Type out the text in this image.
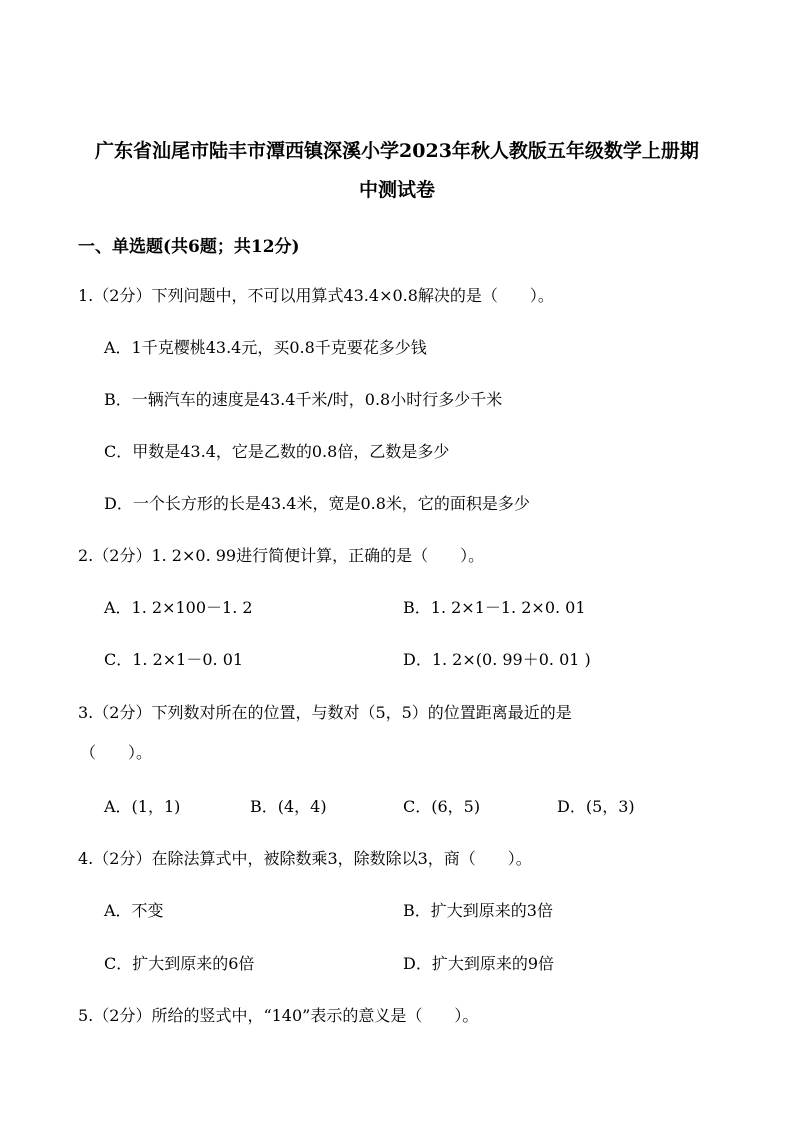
广东省汕尾市陆丰市潭西镇深溪小学2023年秋人教版五年级数学上册期
中测试卷
一、单选题(共6题；共12分)
1.（2分）下列问题中，不可以用算式43.4×0.8解决的是（　　）。
A．1千克樱桃43.4元，买0.8千克要花多少钱
B．一辆汽车的速度是43.4千米/时，0.8小时行多少千米
C．甲数是43.4，它是乙数的0.8倍，乙数是多少
D．一个长方形的长是43.4米，宽是0.8米，它的面积是多少
2.（2分）1. 2×0. 99进行简便计算，正确的是（　　）。
A．1. 2×100－1. 2	B．1. 2×1－1. 2×0. 01
C．1. 2×1－0. 01	D．1. 2×(0. 99＋0. 01 )
3.（2分）下列数对所在的位置，与数对（5，5）的位置距离最近的是
（　　）。
A．(1，1)	B．(4，4)	C．(6，5)	D．(5，3)
4.（2分）在除法算式中，被除数乘3，除数除以3，商（　　）。
A．不变	B．扩大到原来的3倍
C．扩大到原来的6倍	D．扩大到原来的9倍
5.（2分）所给的竖式中，“140”表示的意义是（　　）。
